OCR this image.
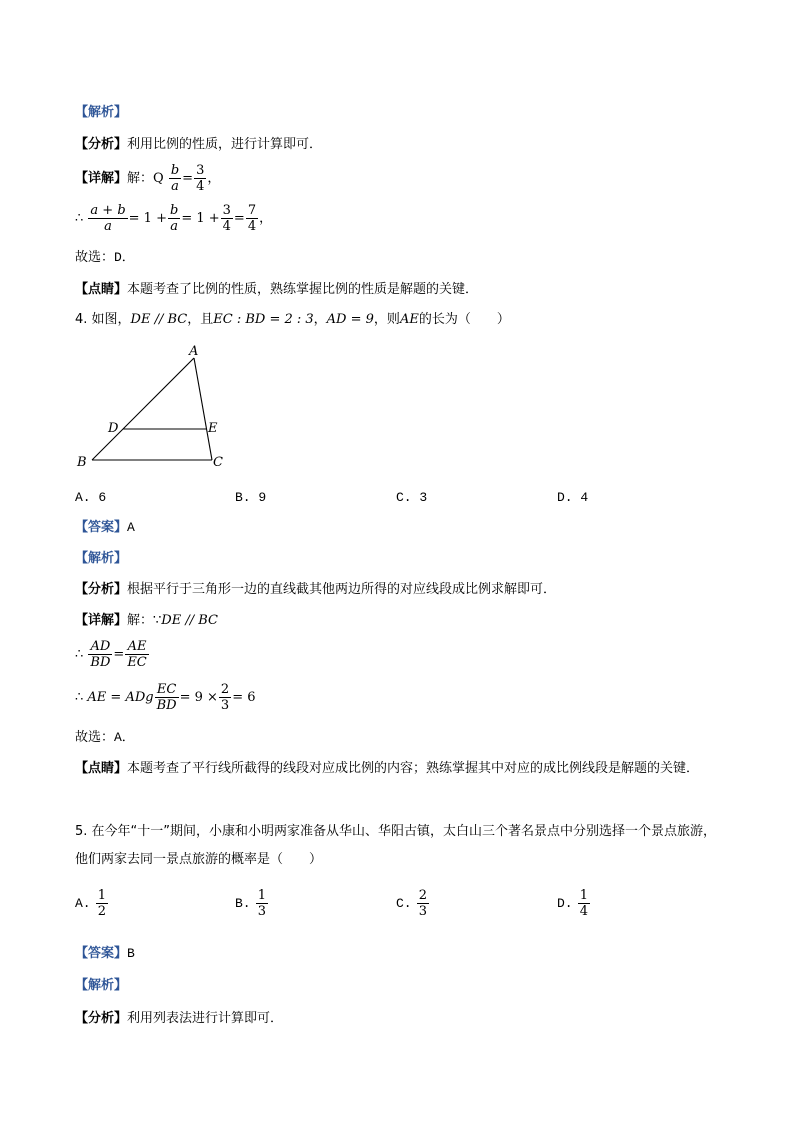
【解析】
【分析】利用比例的性质，进行计算即可．
【详解】解：Q $\frac{b}{a} = \frac{3}{4}$ ，
∴ $\frac{a + b}{a} = 1 + \frac{b}{a} = 1 + \frac{3}{4} = \frac{7}{4}$ ，
故选：D．
【点睛】本题考查了比例的性质，熟练掌握比例的性质是解题的关键．
4. 如图，DE // BC，且EC : BD = 2 : 3，AD = 9，则AE的长为（　　）
A
B	C
D	E
A. 6	B. 9	C. 3	D. 4
【答案】A
【解析】
【分析】根据平行于三角形一边的直线截其他两边所得的对应线段成比例求解即可．
【详解】解：∵DE // BC
∴ $\frac{AD}{BD} = \frac{AE}{EC}$
∴ AE = ADg $\frac{EC}{BD} = 9 \times \frac{2}{3} = 6$
故选：A．
【点睛】本题考查了平行线所截得的线段对应成比例的内容；熟练掌握其中对应的成比例线段是解题的关键．
5. 在今年“十一”期间，小康和小明两家准备从华山、华阳古镇，太白山三个著名景点中分别选择一个景点旅游，他们两家去同一景点旅游的概率是（　　）
A. $\frac{1}{2}$	B. $\frac{1}{3}$	C. $\frac{2}{3}$	D. $\frac{1}{4}$
【答案】B
【解析】
【分析】利用列表法进行计算即可．
